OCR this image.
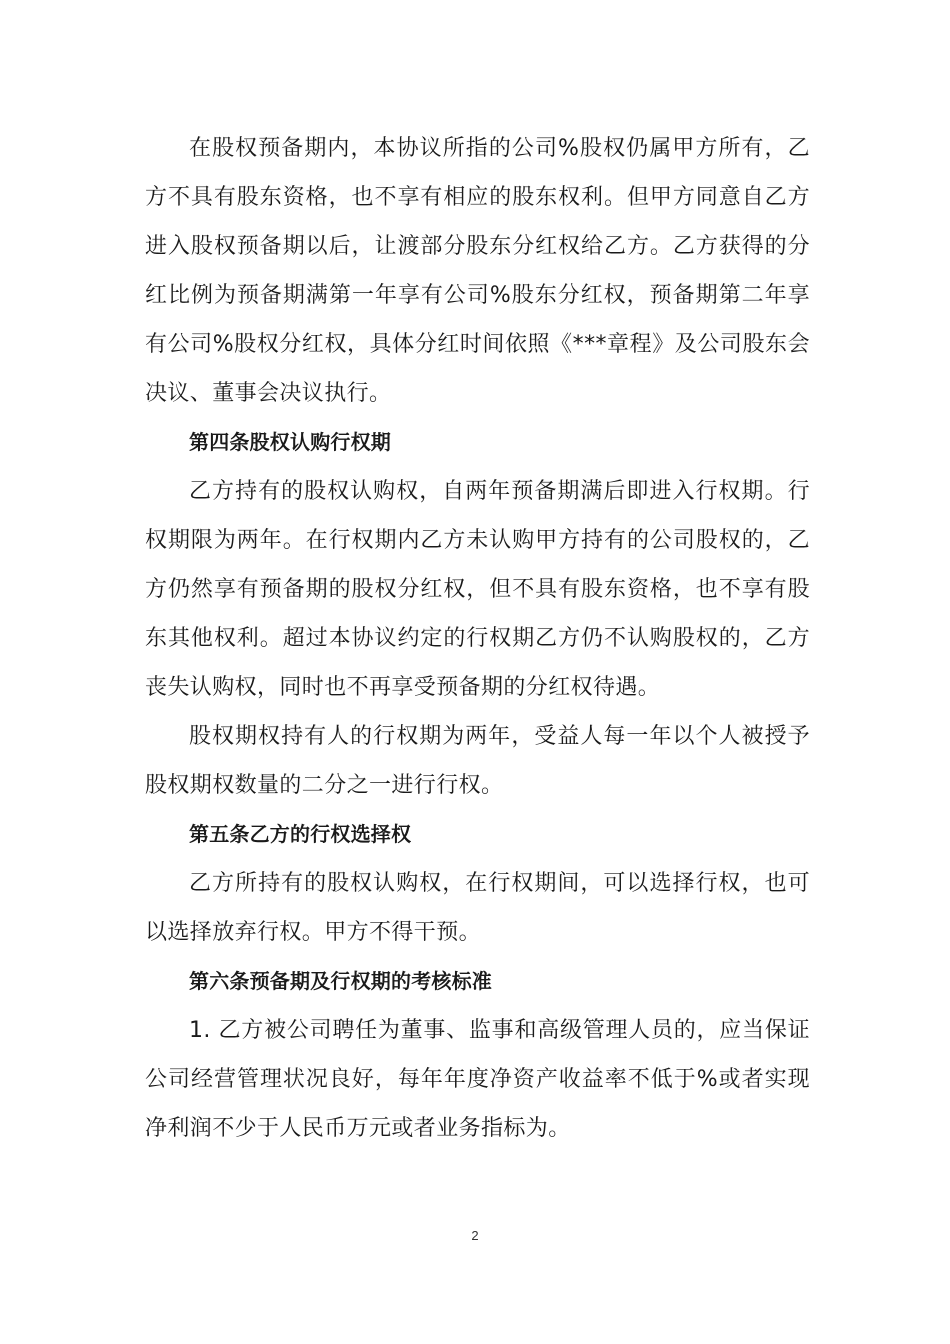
在股权预备期内，本协议所指的公司%股权仍属甲方所有，乙方不具有股东资格，也不享有相应的股东权利。但甲方同意自乙方进入股权预备期以后，让渡部分股东分红权给乙方。乙方获得的分红比例为预备期满第一年享有公司%股东分红权，预备期第二年享有公司%股权分红权，具体分红时间依照《***章程》及公司股东会决议、董事会决议执行。

第四条股权认购行权期

乙方持有的股权认购权，自两年预备期满后即进入行权期。行权期限为两年。在行权期内乙方未认购甲方持有的公司股权的，乙方仍然享有预备期的股权分红权，但不具有股东资格，也不享有股东其他权利。超过本协议约定的行权期乙方仍不认购股权的，乙方丧失认购权，同时也不再享受预备期的分红权待遇。

股权期权持有人的行权期为两年，受益人每一年以个人被授予股权期权数量的二分之一进行行权。

第五条乙方的行权选择权

乙方所持有的股权认购权，在行权期间，可以选择行权，也可以选择放弃行权。甲方不得干预。

第六条预备期及行权期的考核标准

1. 乙方被公司聘任为董事、监事和高级管理人员的，应当保证公司经营管理状况良好，每年年度净资产收益率不低于%或者实现净利润不少于人民币万元或者业务指标为。

2
